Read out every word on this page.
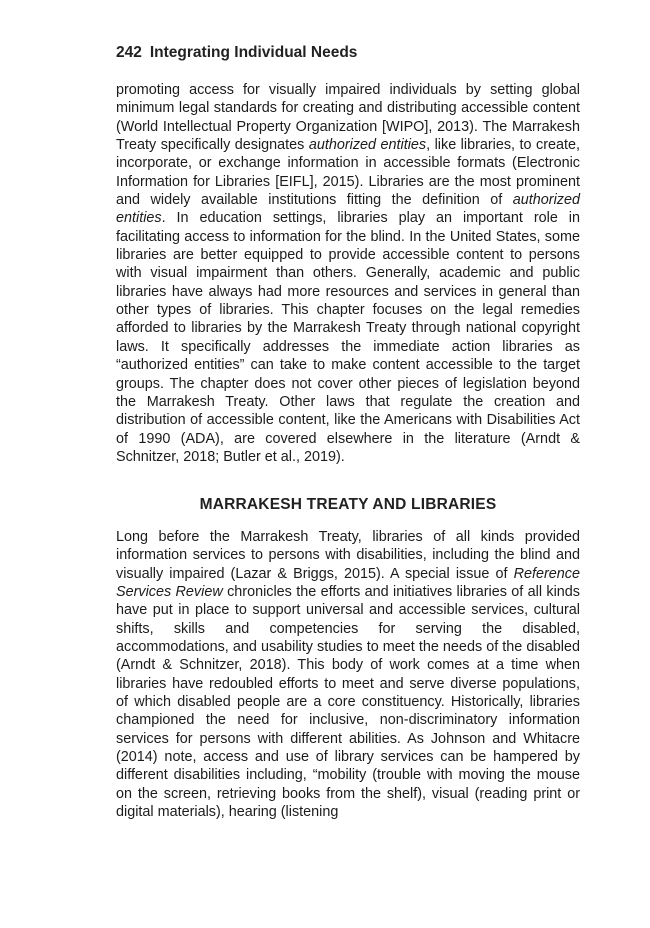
242 Integrating Individual Needs

promoting access for visually impaired individuals by setting global minimum legal standards for creating and distributing accessible content (World Intellectual Property Organization [WIPO], 2013). The Marrakesh Treaty specifically designates authorized entities, like libraries, to create, incorporate, or exchange information in accessible formats (Electronic Information for Libraries [EIFL], 2015). Libraries are the most prominent and widely available institutions fitting the definition of authorized entities. In education settings, libraries play an important role in facilitating access to information for the blind. In the United States, some libraries are better equipped to provide accessible content to persons with visual impairment than others. Generally, academic and public libraries have always had more resources and services in general than other types of libraries. This chapter focuses on the legal remedies afforded to libraries by the Marrakesh Treaty through national copyright laws. It specifically addresses the immediate action libraries as “authorized entities” can take to make content accessible to the target groups. The chapter does not cover other pieces of legislation beyond the Marrakesh Treaty. Other laws that regulate the creation and distribution of accessible content, like the Americans with Disabilities Act of 1990 (ADA), are covered elsewhere in the literature (Arndt & Schnitzer, 2018; Butler et al., 2019).

MARRAKESH TREATY AND LIBRARIES

Long before the Marrakesh Treaty, libraries of all kinds provided information services to persons with disabilities, including the blind and visually impaired (Lazar & Briggs, 2015). A special issue of Reference Services Review chronicles the efforts and initiatives libraries of all kinds have put in place to support universal and accessible services, cultural shifts, skills and competencies for serving the disabled, accommodations, and usability studies to meet the needs of the disabled (Arndt & Schnitzer, 2018). This body of work comes at a time when libraries have redoubled efforts to meet and serve diverse populations, of which disabled people are a core constituency. Historically, libraries championed the need for inclusive, non-discriminatory information services for persons with different abilities. As Johnson and Whitacre (2014) note, access and use of library services can be hampered by different disabilities including, “mobility (trouble with moving the mouse on the screen, retrieving books from the shelf), visual (reading print or digital materials), hearing (listening
